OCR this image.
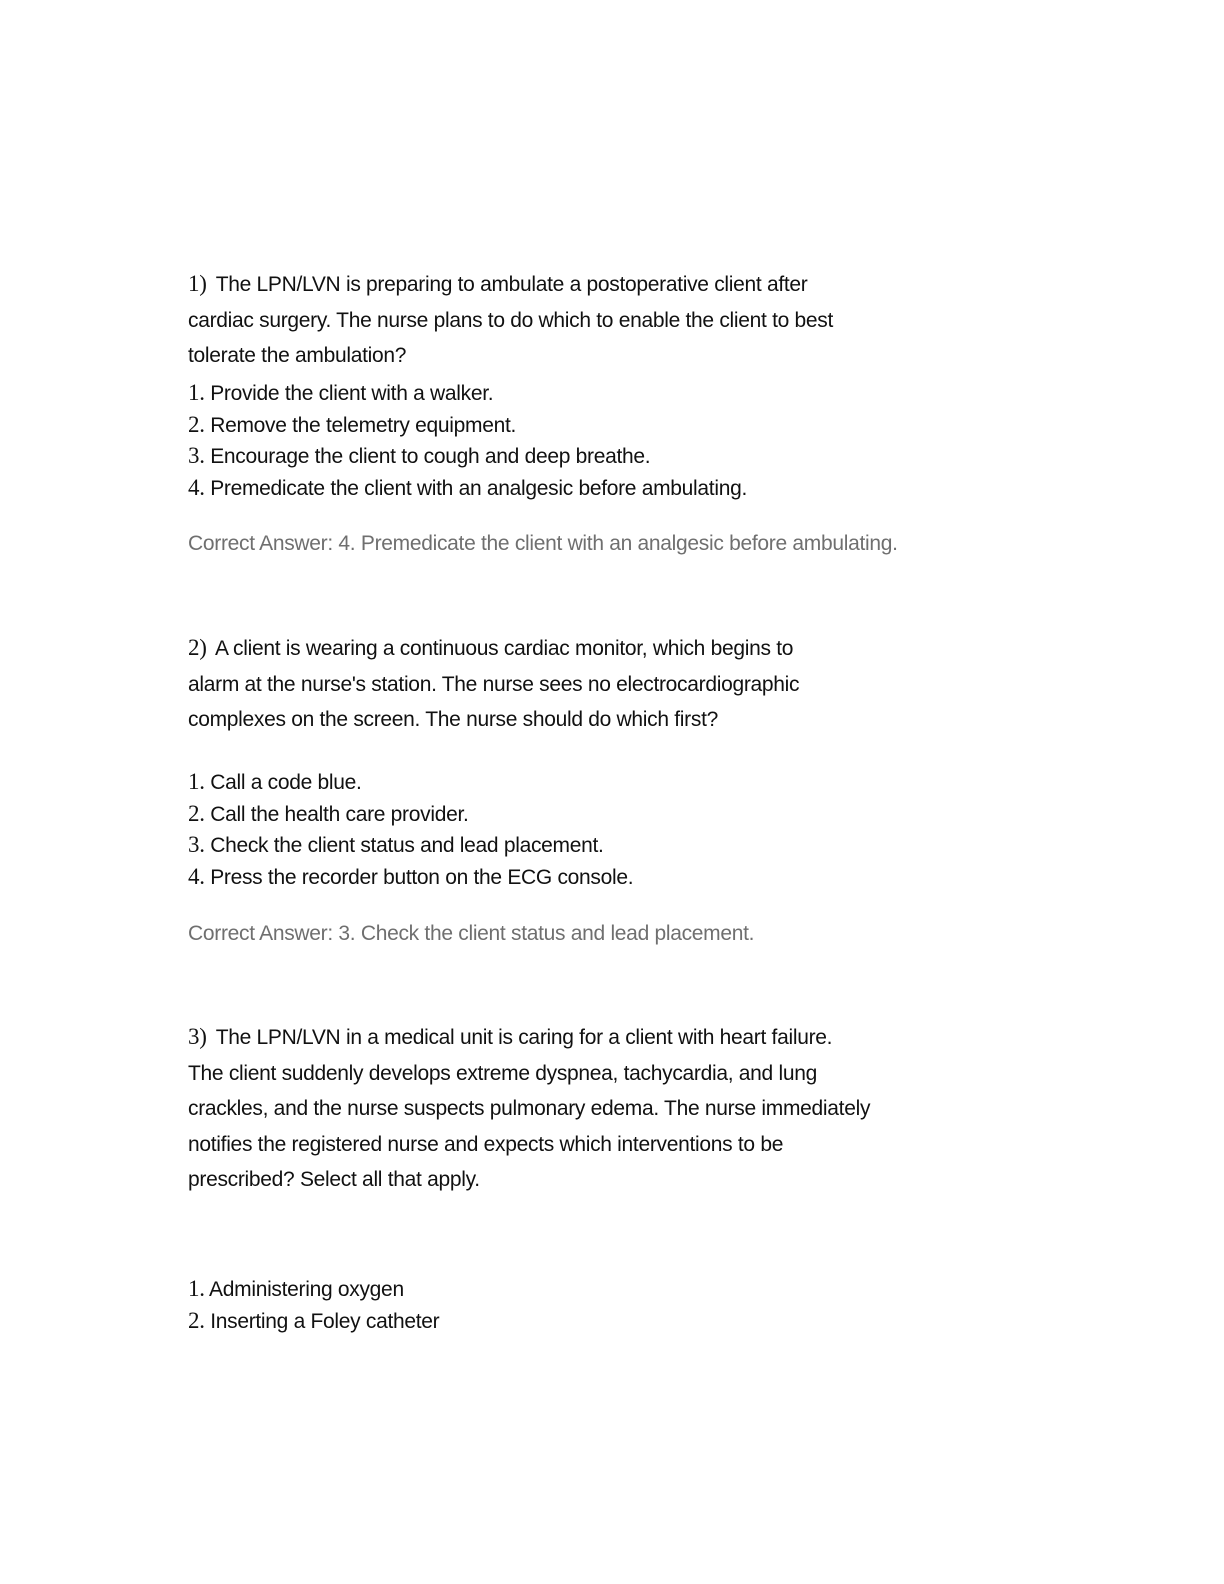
1) The LPN/LVN is preparing to ambulate a postoperative client after
cardiac surgery. The nurse plans to do which to enable the client to best
tolerate the ambulation?

1. Provide the client with a walker.
2. Remove the telemetry equipment.
3. Encourage the client to cough and deep breathe.
4. Premedicate the client with an analgesic before ambulating.
Correct Answer: 4. Premedicate the client with an analgesic before ambulating.

2) A client is wearing a continuous cardiac monitor, which begins to
alarm at the nurse's station. The nurse sees no electrocardiographic
complexes on the screen. The nurse should do which first?

1. Call a code blue.
2. Call the health care provider.
3. Check the client status and lead placement.
4. Press the recorder button on the ECG console.
Correct Answer: 3. Check the client status and lead placement.

3) The LPN/LVN in a medical unit is caring for a client with heart failure.
The client suddenly develops extreme dyspnea, tachycardia, and lung
crackles, and the nurse suspects pulmonary edema. The nurse immediately
notifies the registered nurse and expects which interventions to be
prescribed? Select all that apply.

1. Administering oxygen
2. Inserting a Foley catheter
